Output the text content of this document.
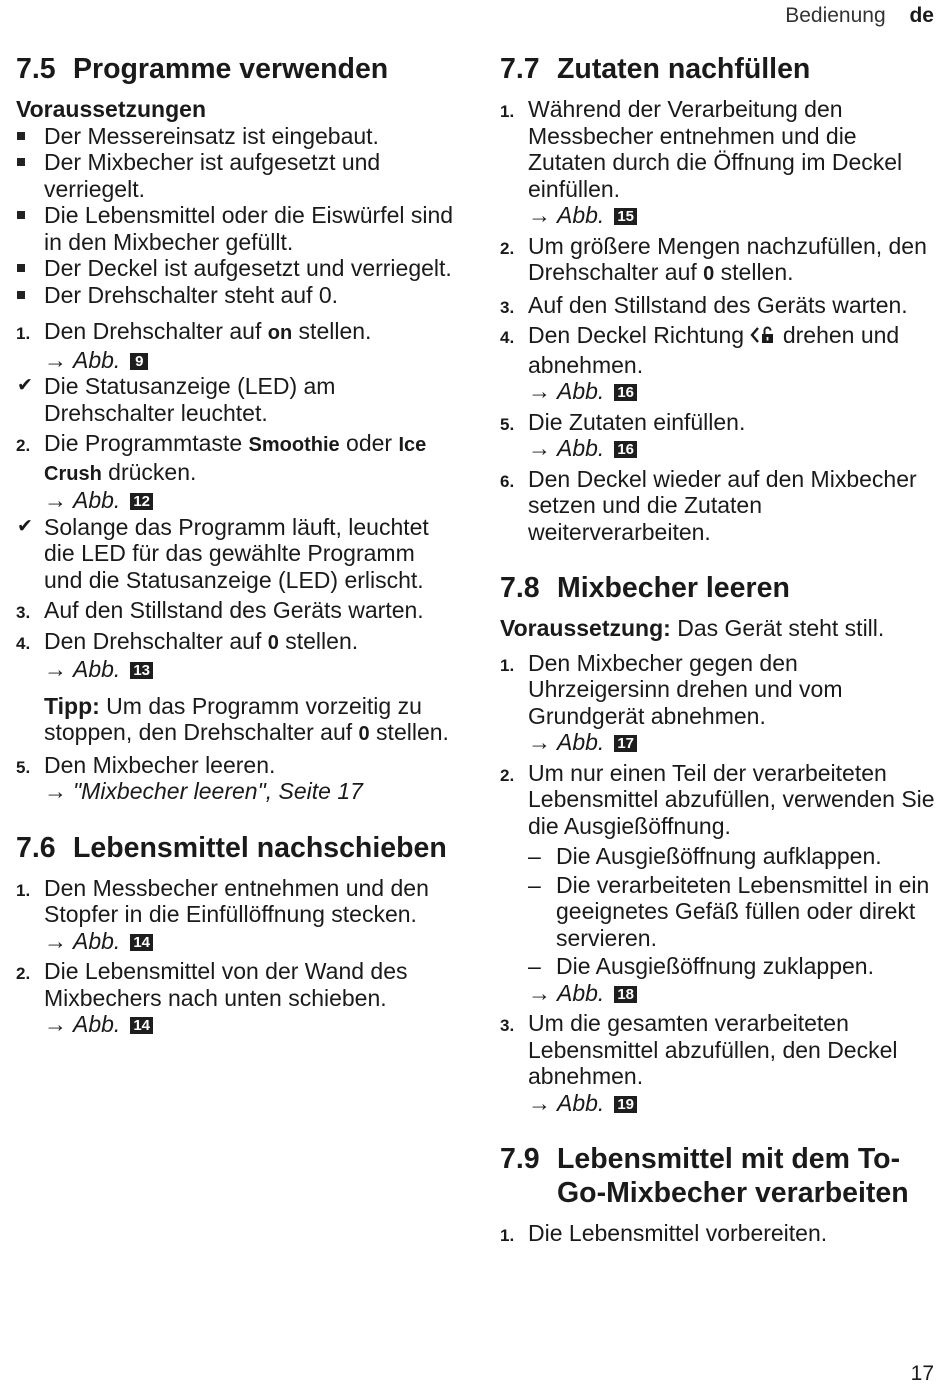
Bedienung de
7.5 Programme verwenden

Voraussetzungen

Der Messereinsatz ist eingebaut.
Der Mixbecher ist aufgesetzt und verriegelt.
Die Lebensmittel oder die Eiswürfel sind in den Mixbecher gefüllt.
Der Deckel ist aufgesetzt und verriegelt.
Der Drehschalter steht auf 0.
1. Den Drehschalter auf on stellen.
→ Abb. 9
✔ Die Statusanzeige (LED) am Drehschalter leuchtet.
2. Die Programmtaste Smoothie oder Ice Crush drücken.
→ Abb. 12
✔ Solange das Programm läuft, leuchtet die LED für das gewählte Programm und die Statusanzeige (LED) erlischt.
3. Auf den Stillstand des Geräts warten.
4. Den Drehschalter auf 0 stellen.
→ Abb. 13
Tipp: Um das Programm vorzeitig zu stoppen, den Drehschalter auf 0 stellen.
5. Den Mixbecher leeren.
→ "Mixbecher leeren", Seite 17
7.6 Lebensmittel nachschieben
1. Den Messbecher entnehmen und den Stopfer in die Einfüllöffnung stecken.
→ Abb. 14
2. Die Lebensmittel von der Wand des Mixbechers nach unten schieben.
→ Abb. 14
7.7 Zutaten nachfüllen
1. Während der Verarbeitung den Messbecher entnehmen und die Zutaten durch die Öffnung im Deckel einfüllen.
→ Abb. 15
2. Um größere Mengen nachzufüllen, den Drehschalter auf 0 stellen.
3. Auf den Stillstand des Geräts warten.
4. Den Deckel Richtung  drehen und abnehmen.
→ Abb. 16
5. Die Zutaten einfüllen.
→ Abb. 16
6. Den Deckel wieder auf den Mixbecher setzen und die Zutaten weiterverarbeiten.
7.8 Mixbecher leeren

Voraussetzung: Das Gerät steht still.

1. Den Mixbecher gegen den Uhrzeigersinn drehen und vom Grundgerät abnehmen.
→ Abb. 17
2. Um nur einen Teil der verarbeiteten Lebensmittel abzufüllen, verwenden Sie die Ausgießöffnung.
– Die Ausgießöffnung aufklappen.
– Die verarbeiteten Lebensmittel in ein geeignetes Gefäß füllen oder direkt servieren.
– Die Ausgießöffnung zuklappen.
→ Abb. 18
3. Um die gesamten verarbeiteten Lebensmittel abzufüllen, den Deckel abnehmen.
→ Abb. 19
7.9 Lebensmittel mit dem To-Go-Mixbecher verarbeiten
1. Die Lebensmittel vorbereiten.
17
